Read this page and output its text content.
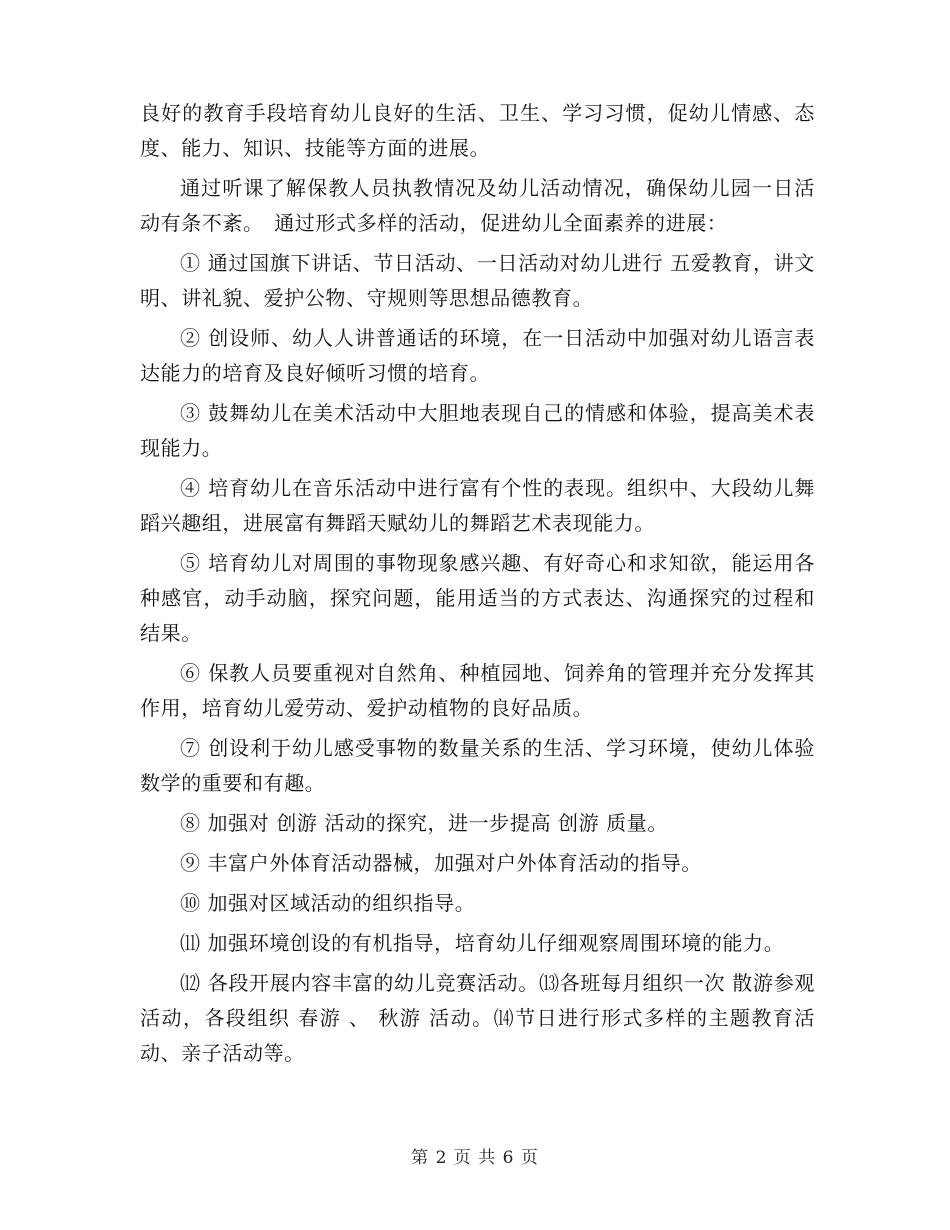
良好的教育手段培育幼儿良好的生活、卫生、学习习惯，促幼儿情感、态度、能力、知识、技能等方面的进展。

通过听课了解保教人员执教情况及幼儿活动情况，确保幼儿园一日活动有条不紊。　通过形式多样的活动，促进幼儿全面素养的进展：

① 通过国旗下讲话、节日活动、一日活动对幼儿进行 五爱教育，讲文明、讲礼貌、爱护公物、守规则等思想品德教育。

② 创设师、幼人人讲普通话的环境，在一日活动中加强对幼儿语言表达能力的培育及良好倾听习惯的培育。

③ 鼓舞幼儿在美术活动中大胆地表现自己的情感和体验，提高美术表现能力。

④ 培育幼儿在音乐活动中进行富有个性的表现。组织中、大段幼儿舞蹈兴趣组，进展富有舞蹈天赋幼儿的舞蹈艺术表现能力。

⑤ 培育幼儿对周围的事物现象感兴趣、有好奇心和求知欲，能运用各种感官，动手动脑，探究问题，能用适当的方式表达、沟通探究的过程和结果。

⑥ 保教人员要重视对自然角、种植园地、饲养角的管理并充分发挥其作用，培育幼儿爱劳动、爱护动植物的良好品质。

⑦ 创设利于幼儿感受事物的数量关系的生活、学习环境，使幼儿体验数学的重要和有趣。

⑧ 加强对 创游 活动的探究，进一步提高 创游 质量。

⑨ 丰富户外体育活动器械，加强对户外体育活动的指导。

⑩ 加强对区域活动的组织指导。

⑾ 加强环境创设的有机指导，培育幼儿仔细观察周围环境的能力。

⑿ 各段开展内容丰富的幼儿竞赛活动。⒀各班每月组织一次 散游参观活动，各段组织 春游 、 秋游 活动。⒁节日进行形式多样的主题教育活动、亲子活动等。

第 2 页 共 6 页
